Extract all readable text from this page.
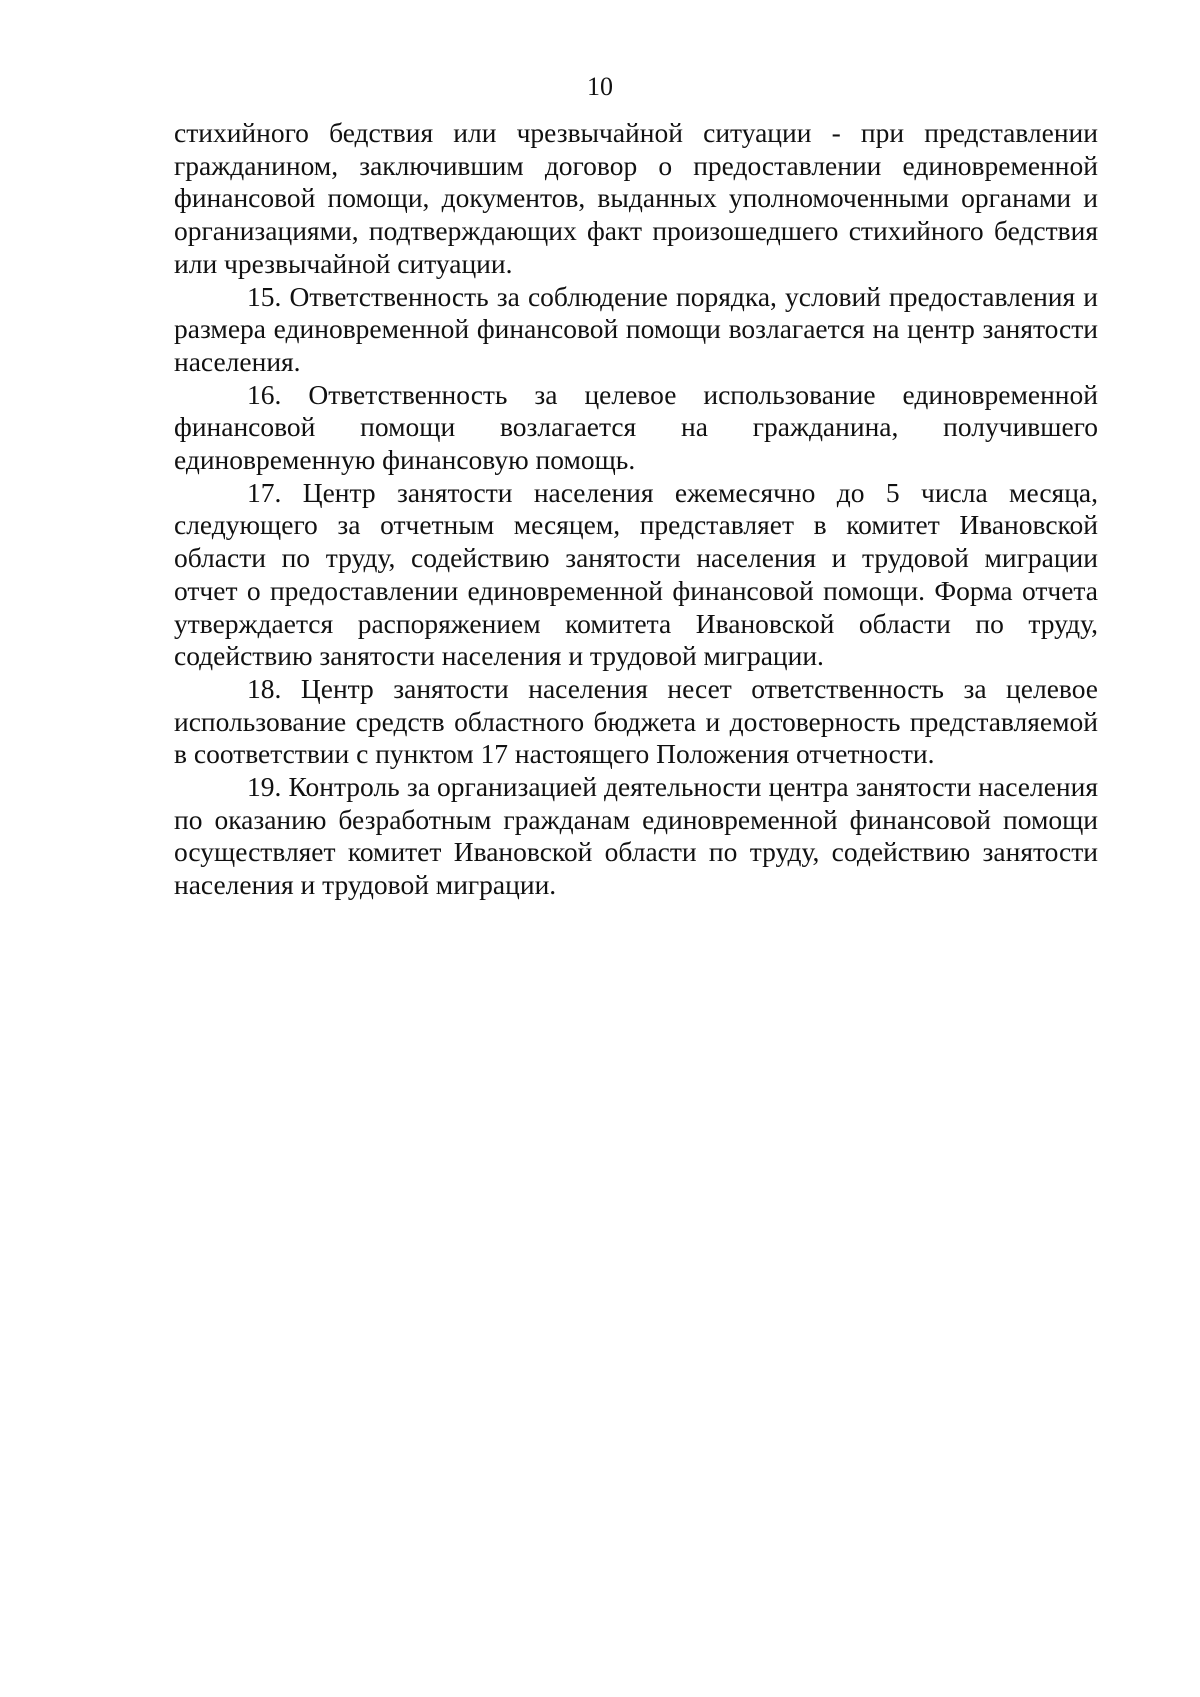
10

стихийного бедствия или чрезвычайной ситуации - при представлении гражданином, заключившим договор о предоставлении единовременной финансовой помощи, документов, выданных уполномоченными органами и организациями, подтверждающих факт произошедшего стихийного бедствия или чрезвычайной ситуации.

15. Ответственность за соблюдение порядка, условий предоставления и размера единовременной финансовой помощи возлагается на центр занятости населения.

16. Ответственность за целевое использование единовременной финансовой помощи возлагается на гражданина, получившего единовременную финансовую помощь.

17. Центр занятости населения ежемесячно до 5 числа месяца, следующего за отчетным месяцем, представляет в комитет Ивановской области по труду, содействию занятости населения и трудовой миграции отчет о предоставлении единовременной финансовой помощи. Форма отчета утверждается распоряжением комитета Ивановской области по труду, содействию занятости населения и трудовой миграции.

18. Центр занятости населения несет ответственность за целевое использование средств областного бюджета и достоверность представляемой в соответствии с пунктом 17 настоящего Положения отчетности.

19. Контроль за организацией деятельности центра занятости населения по оказанию безработным гражданам единовременной финансовой помощи осуществляет комитет Ивановской области по труду, содействию занятости населения и трудовой миграции.
